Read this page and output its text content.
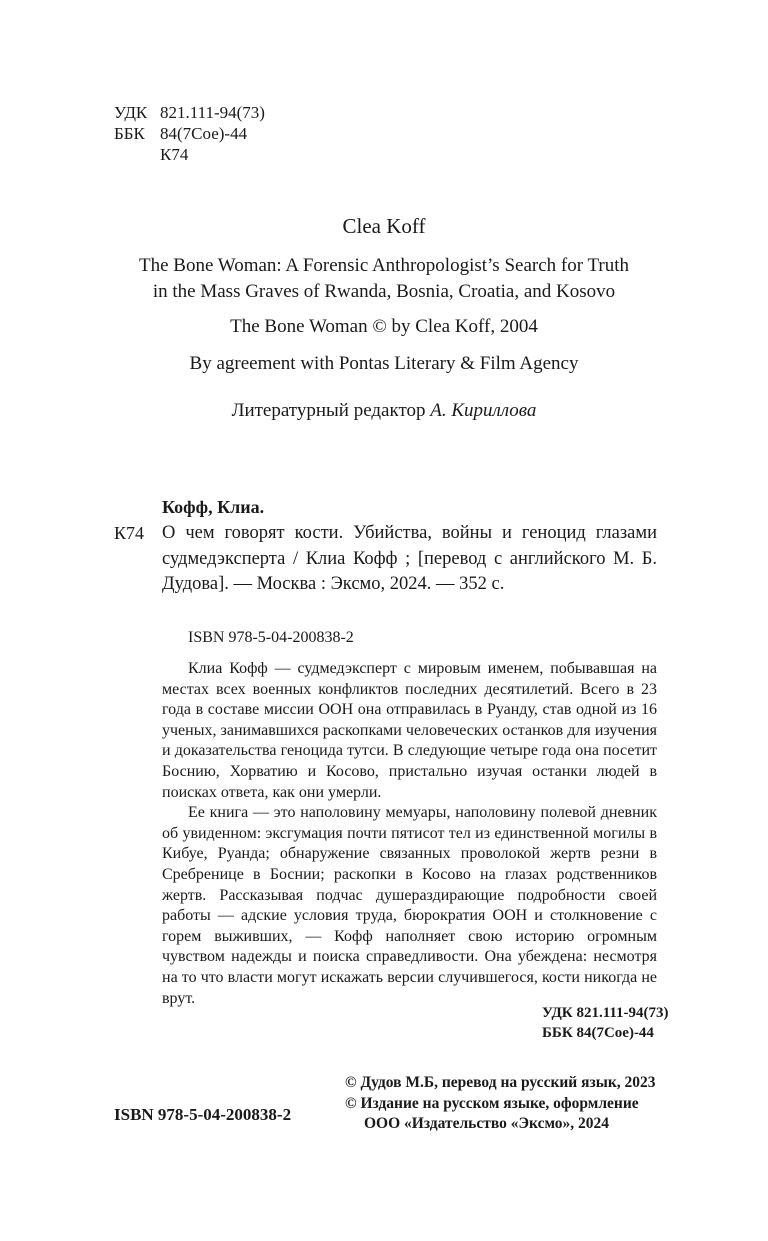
УДК 821.111-94(73)
ББК 84(7Сое)-44
К74
Clea Koff
The Bone Woman: A Forensic Anthropologist’s Search for Truth
in the Mass Graves of Rwanda, Bosnia, Croatia, and Kosovo
The Bone Woman © by Clea Koff, 2004
By agreement with Pontas Literary & Film Agency
Литературный редактор А. Кириллова
Кофф, Клиа.
К74 О чем говорят кости. Убийства, войны и геноцид глазами судмедэксперта / Клиа Кофф ; [перевод с английского М. Б. Дудова]. — Москва : Эксмо, 2024. — 352 с.
ISBN 978-5-04-200838-2

Клиа Кофф — судмедэксперт с мировым именем, побывавшая на местах всех военных конфликтов последних десятилетий. Всего в 23 года в составе миссии ООН она отправилась в Руанду, став одной из 16 ученых, занимавшихся раскопками человеческих останков для изучения и доказательства геноцида тутси. В следующие четыре года она посетит Боснию, Хорватию и Косово, пристально изучая останки людей в поисках ответа, как они умерли.

Ее книга — это наполовину мемуары, наполовину полевой дневник об увиденном: эксгумация почти пятисот тел из единственной могилы в Кибуе, Руанда; обнаружение связанных проволокой жертв резни в Сребренице в Боснии; раскопки в Косово на глазах родственников жертв. Рассказывая подчас душераздирающие подробности своей работы — адские условия труда, бюрократия ООН и столкновение с горем выживших, — Кофф наполняет свою историю огромным чувством надежды и поиска справедливости. Она убеждена: несмотря на то что власти могут искажать версии случившегося, кости никогда не врут.

УДК 821.111-94(73)
ББК 84(7Сое)-44
ISBN 978-5-04-200838-2
© Дудов М.Б, перевод на русский язык, 2023
© Издание на русском языке, оформление
ООО «Издательство «Эксмо», 2024
